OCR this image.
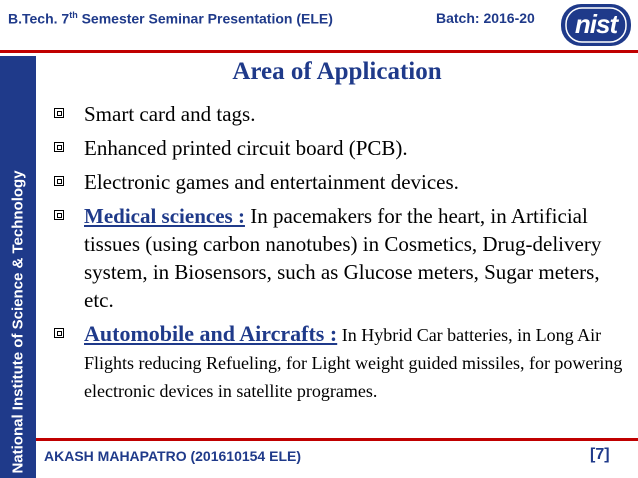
B.Tech. 7th Semester Seminar Presentation (ELE)	Batch: 2016-20	nist
National Institute of Science & Technology
Area of Application
Smart card and tags.
Enhanced printed circuit board (PCB).
Electronic games and entertainment devices.
Medical sciences : In pacemakers for the heart, in Artificial tissues (using carbon nanotubes) in Cosmetics, Drug-delivery system, in Biosensors, such as Glucose meters, Sugar meters, etc.
Automobile and Aircrafts : In Hybrid Car batteries, in Long Air Flights reducing Refueling, for Light weight guided missiles, for powering electronic devices in satellite programes.
AKASH MAHAPATRO (201610154 ELE)	[7]
